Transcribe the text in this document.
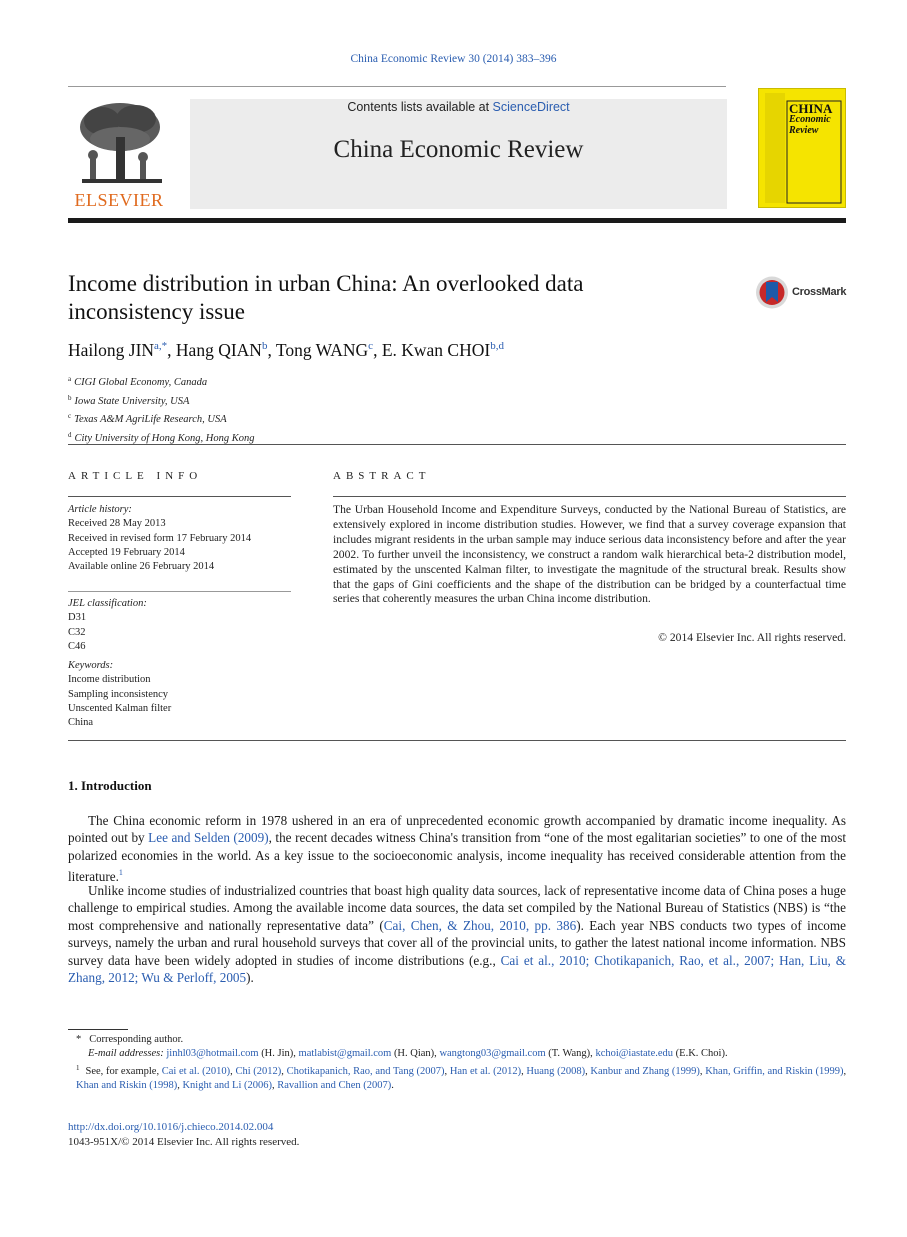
China Economic Review 30 (2014) 383–396
ELSEVIER
Contents lists available at ScienceDirect
China Economic Review
CHINA
Economic
Review
Income distribution in urban China: An overlooked data inconsistency issue
CrossMark
Hailong $JIN^{a,*}$, Hang QIAN$^b$, Tong WANG$^c$, E. Kwan CHOI$^{b,d}$
$^a$ CIGI Global Economy, Canada
$^b$ Iowa State University, USA
$^c$ Texas A&M AgriLife Research, USA
$^d$ City University of Hong Kong, Hong Kong
ARTICLE INFO
Article history:
Received 28 May 2013
Received in revised form 17 February 2014
Accepted 19 February 2014
Available online 26 February 2014
JEL classification:
D31
C32
C46
Keywords:
Income distribution
Sampling inconsistency
Unscented Kalman filter
China
ABSTRACT

The Urban Household Income and Expenditure Surveys, conducted by the National Bureau of Statistics, are extensively explored in income distribution studies. However, we find that a survey coverage expansion that includes migrant residents in the urban sample may induce serious data inconsistency before and after the year 2002. To further unveil the inconsistency, we construct a random walk hierarchical beta-2 distribution model, estimated by the unscented Kalman filter, to investigate the magnitude of the structural break. Results show that the gaps of Gini coefficients and the shape of the distribution can be bridged by a counterfactual time series that coherently measures the urban China income distribution.

© 2014 Elsevier Inc. All rights reserved.
1. Introduction

The China economic reform in 1978 ushered in an era of unprecedented economic growth accompanied by dramatic income inequality. As pointed out by Lee and Selden (2009), the recent decades witness China's transition from “one of the most egalitarian societies” to one of the most polarized economies in the world. As a key issue to the socioeconomic analysis, income inequality has received considerable attention from the literature.$^1$

Unlike income studies of industrialized countries that boast high quality data sources, lack of representative income data of China poses a huge challenge to empirical studies. Among the available income data sources, the data set compiled by the National Bureau of Statistics (NBS) is “the most comprehensive and nationally representative data” (Cai, Chen, & Zhou, 2010, pp. 386). Each year NBS conducts two types of income surveys, namely the urban and rural household surveys that cover all of the provincial units, to gather the latest national income information. NBS survey data have been widely adopted in studies of income distributions (e.g., Cai et al., 2010; Chotikapanich, Rao, et al., 2007; Han, Liu, & Zhang, 2012; Wu & Perloff, 2005).

* Corresponding author.
E-mail addresses: jinhl03@hotmail.com (H. Jin), matlabist@gmail.com (H. Qian), wangtong03@gmail.com (T. Wang), kchoi@iastate.edu (E.K. Choi).
$^1$ See, for example, Cai et al. (2010), Chi (2012), Chotikapanich, Rao, and Tang (2007), Han et al. (2012), Huang (2008), Kanbur and Zhang (1999), Khan, Griffin, and Riskin (1999), Khan and Riskin (1998), Knight and Li (2006), Ravallion and Chen (2007).
http://dx.doi.org/10.1016/j.chieco.2014.02.004
1043-951X/© 2014 Elsevier Inc. All rights reserved.
